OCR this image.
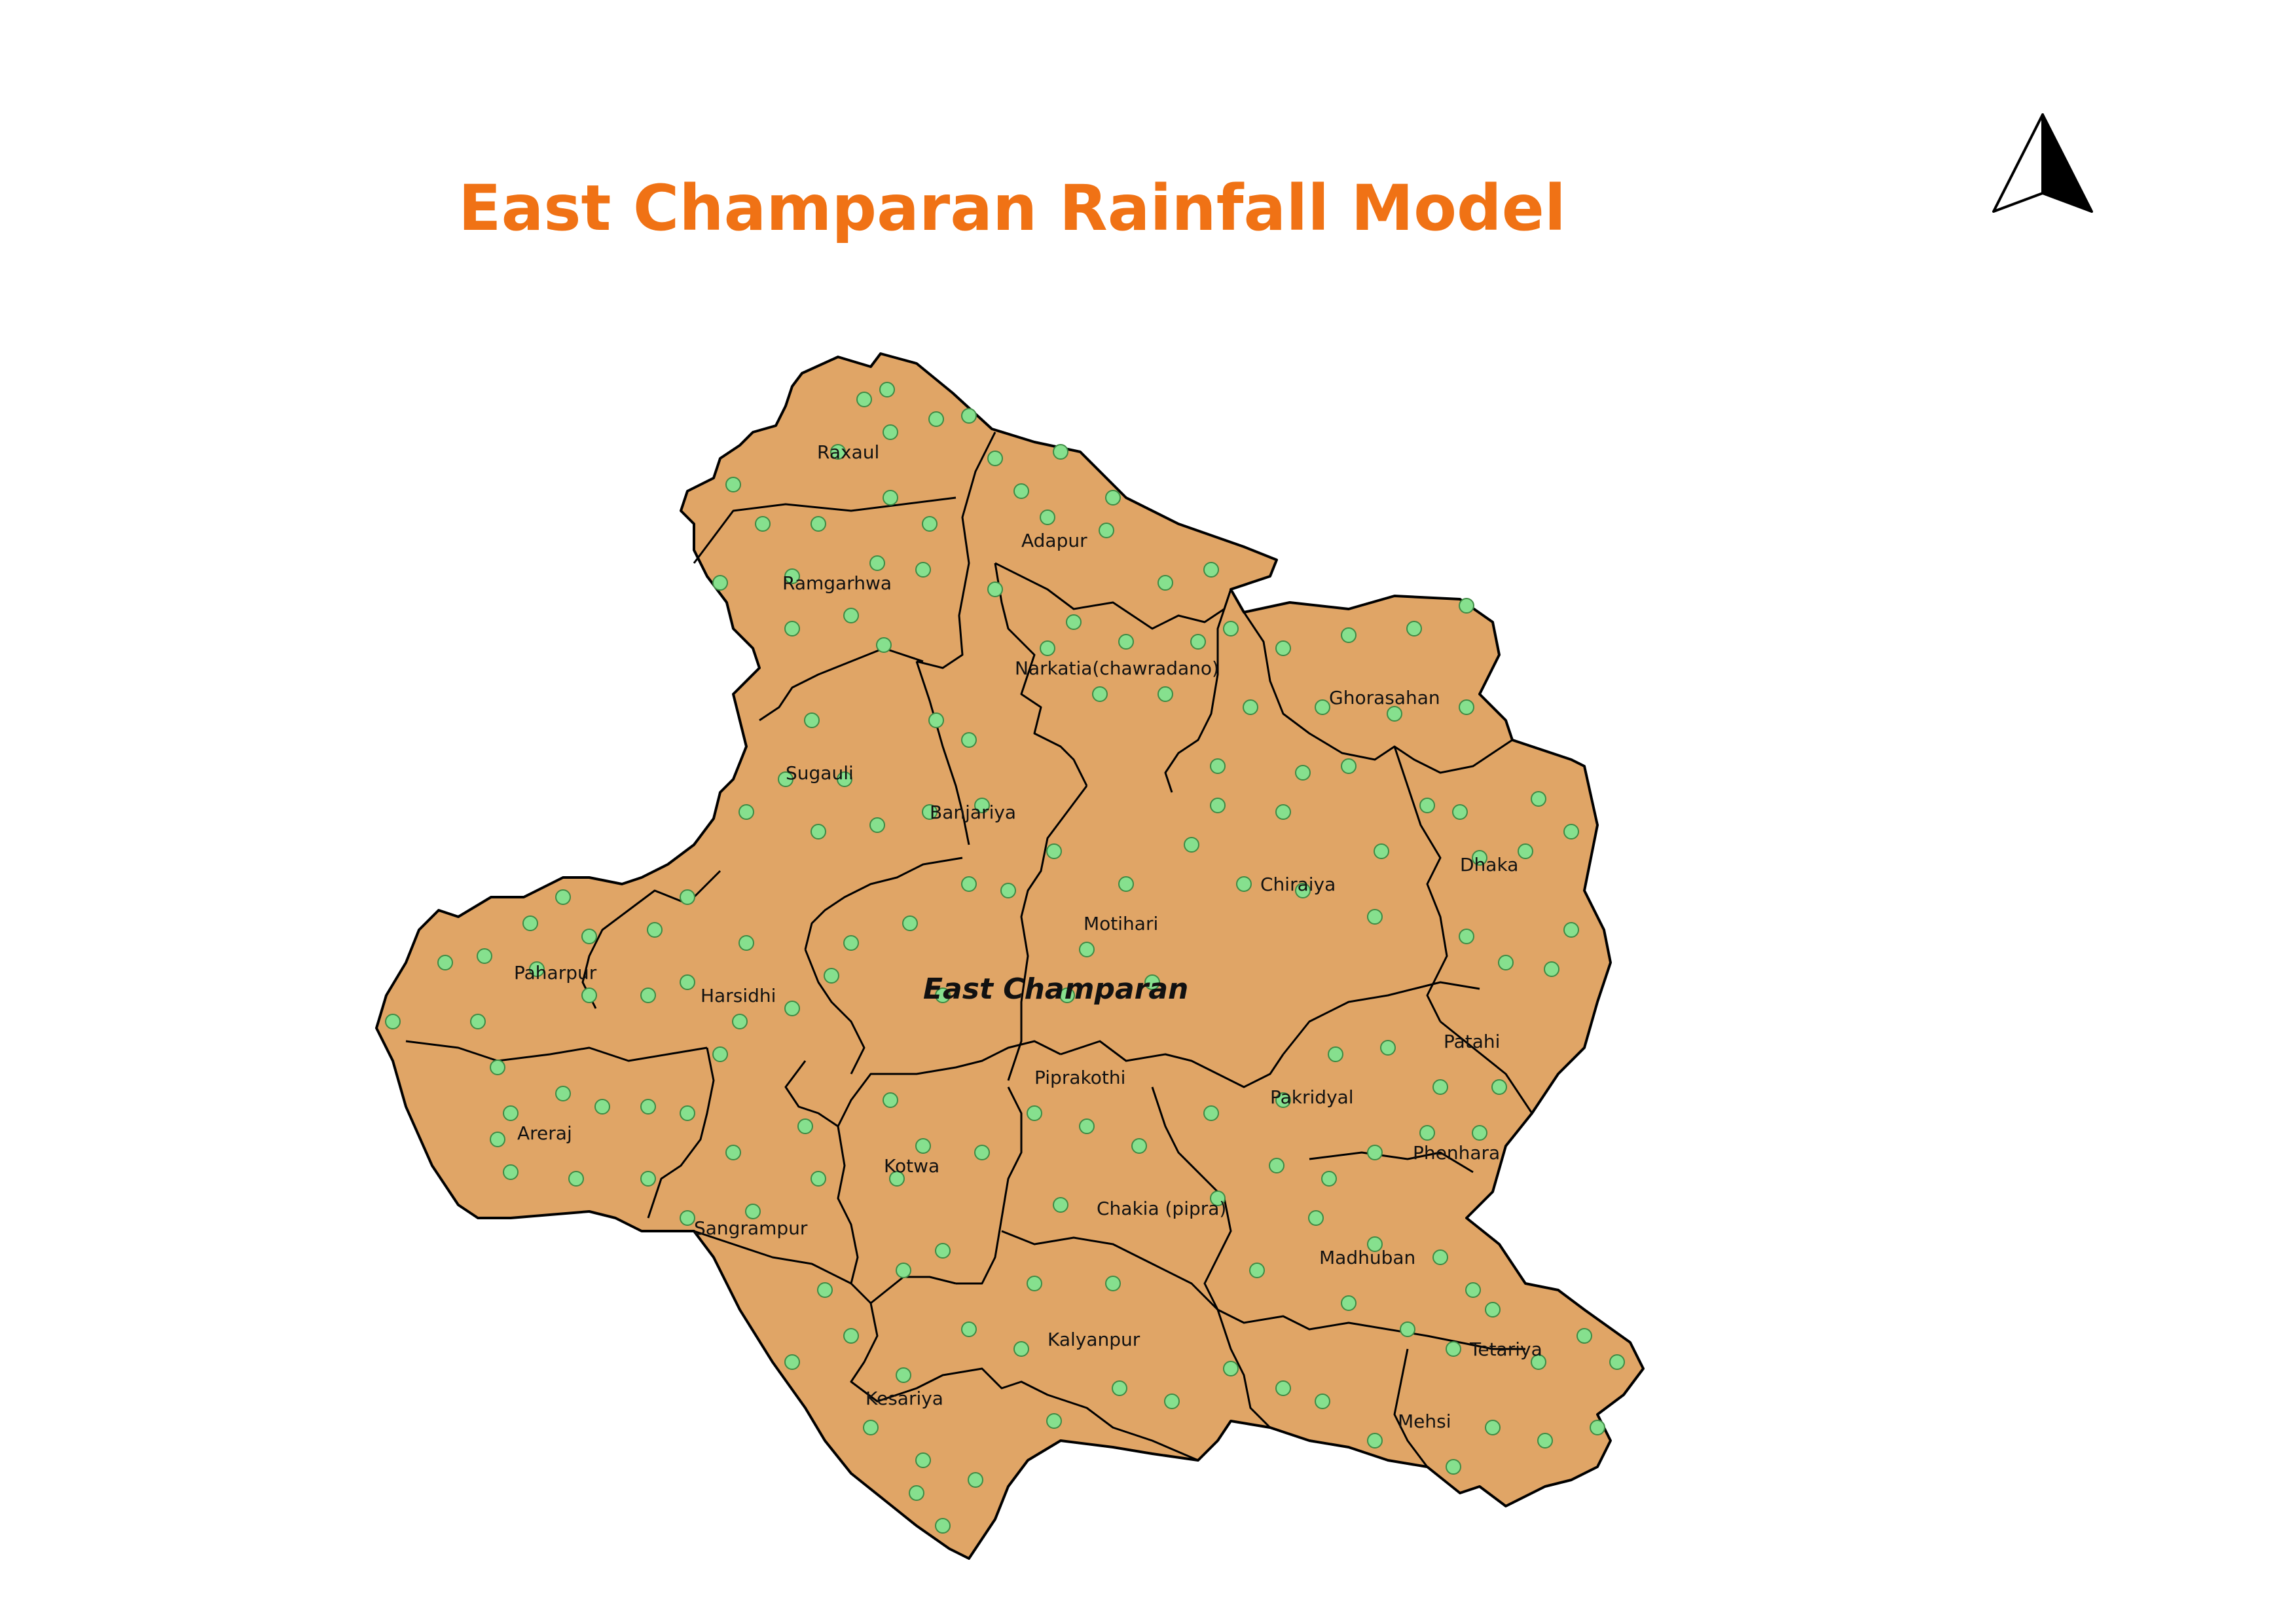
East Champaran Rainfall Model
Raxaul
Adapur
Ramgarhwa
Narkatia(chawradano)
Ghorasahan
Sugauli
Banjariya
Dhaka
Chiraiya
Motihari
Paharpur
Harsidhi
Patahi
Piprakothi
Pakridyal
Areraj
Phenhara
Kotwa
Chakia (pipra)
Sangrampur
Madhuban
Kalyanpur	Tetariya
Kesariya
Mehsi
East Champaran
